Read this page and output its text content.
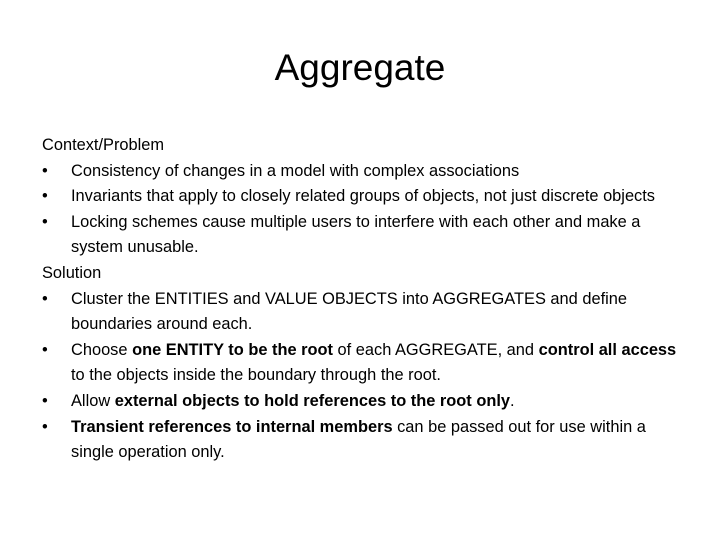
Aggregate

Context/Problem

• Consistency of changes in a model with complex associations
• Invariants that apply to closely related groups of objects, not just discrete objects
• Locking schemes cause multiple users to interfere with each other and make a system unusable.

Solution

• Cluster the ENTITIES and VALUE OBJECTS into AGGREGATES and define boundaries around each.
• Choose one ENTITY to be the root of each AGGREGATE, and control all access to the objects inside the boundary through the root.
• Allow external objects to hold references to the root only.
• Transient references to internal members can be passed out for use within a single operation only.
